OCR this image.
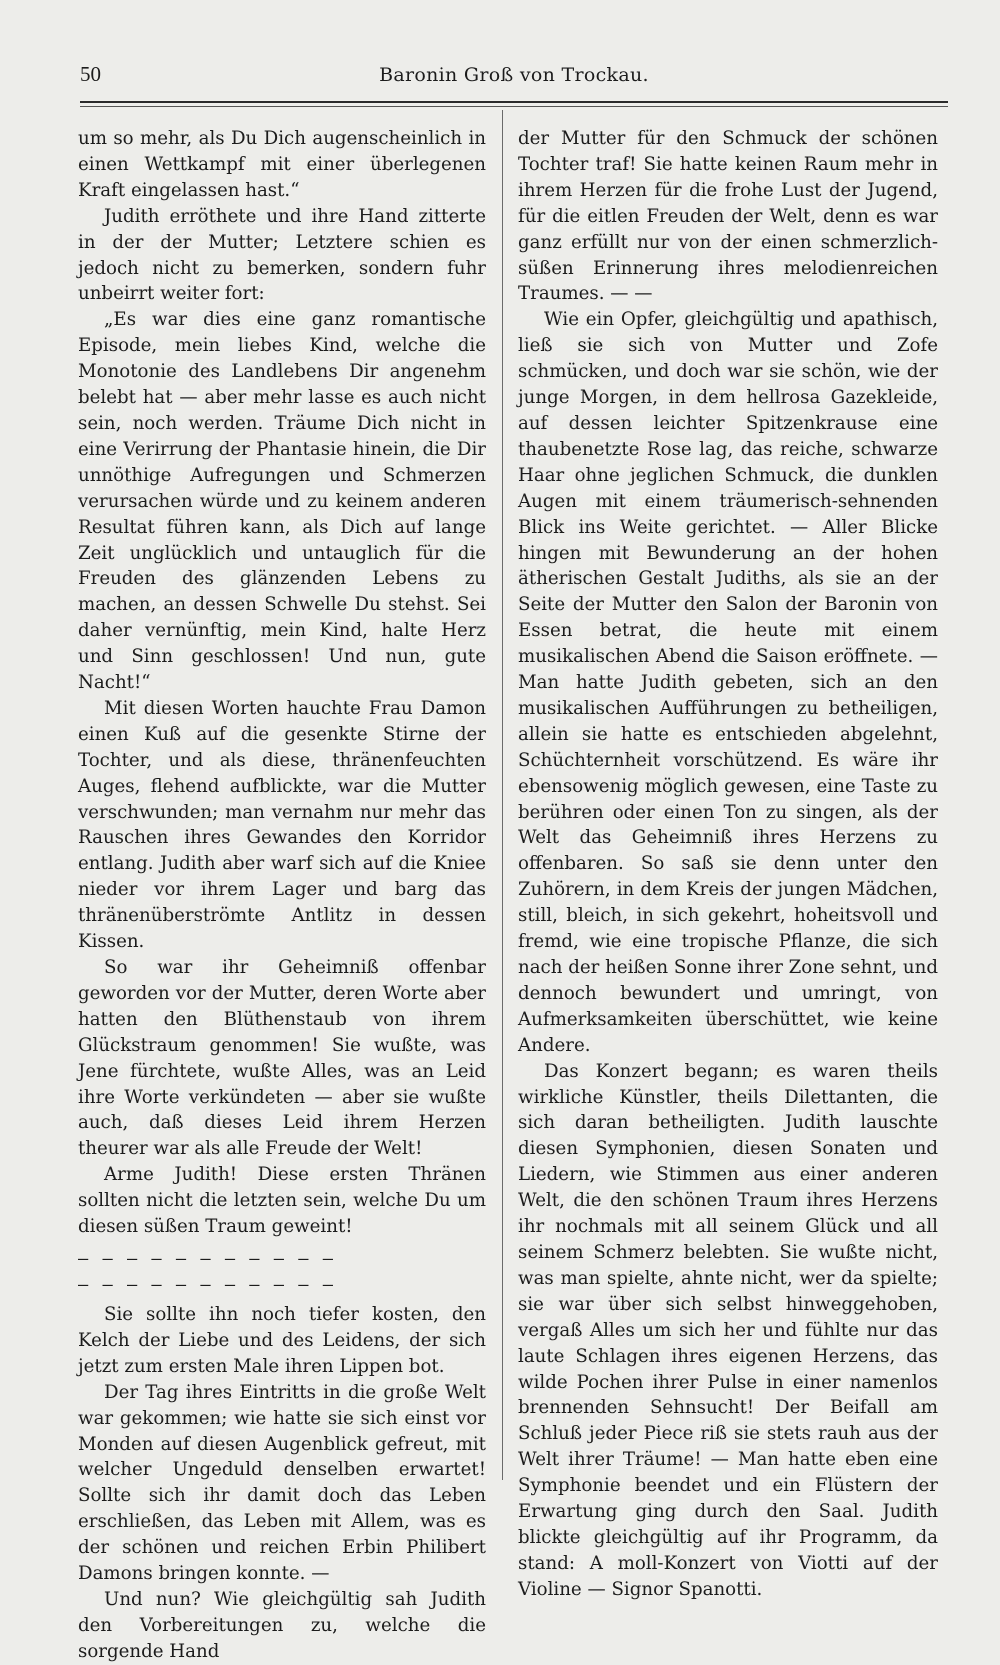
50	Baronin Groß von Trockau.

um so mehr, als Du Dich augenscheinlich in einen Wettkampf mit einer überlegenen Kraft eingelassen hast.“

Judith erröthete und ihre Hand zitterte in der der Mutter; Letztere schien es jedoch nicht zu bemerken, sondern fuhr unbeirrt weiter fort:

„Es war dies eine ganz romantische Episode, mein liebes Kind, welche die Monotonie des Landlebens Dir angenehm belebt hat — aber mehr lasse es auch nicht sein, noch werden. Träume Dich nicht in eine Verirrung der Phantasie hinein, die Dir unnöthige Aufregungen und Schmerzen verursachen würde und zu keinem anderen Resultat führen kann, als Dich auf lange Zeit unglücklich und untauglich für die Freuden des glänzenden Lebens zu machen, an dessen Schwelle Du stehst. Sei daher vernünftig, mein Kind, halte Herz und Sinn geschlossen! Und nun, gute Nacht!“

Mit diesen Worten hauchte Frau Damon einen Kuß auf die gesenkte Stirne der Tochter, und als diese, thränenfeuchten Auges, flehend aufblickte, war die Mutter verschwunden; man vernahm nur mehr das Rauschen ihres Gewandes den Korridor entlang. Judith aber warf sich auf die Kniee nieder vor ihrem Lager und barg das thränenüberströmte Antlitz in dessen Kissen.

So war ihr Geheimniß offenbar geworden vor der Mutter, deren Worte aber hatten den Blüthenstaub von ihrem Glückstraum genommen! Sie wußte, was Jene fürchtete, wußte Alles, was an Leid ihre Worte verkündeten — aber sie wußte auch, daß dieses Leid ihrem Herzen theurer war als alle Freude der Welt!

Arme Judith! Diese ersten Thränen sollten nicht die letzten sein, welche Du um diesen süßen Traum geweint!

— — — — — — — — — — —
— — — — — — — — — — —

Sie sollte ihn noch tiefer kosten, den Kelch der Liebe und des Leidens, der sich jetzt zum ersten Male ihren Lippen bot.

Der Tag ihres Eintritts in die große Welt war gekommen; wie hatte sie sich einst vor Monden auf diesen Augenblick gefreut, mit welcher Ungeduld denselben erwartet! Sollte sich ihr damit doch das Leben erschließen, das Leben mit Allem, was es der schönen und reichen Erbin Philibert Damons bringen konnte. —

Und nun? Wie gleichgültig sah Judith den Vorbereitungen zu, welche die sorgende Hand

der Mutter für den Schmuck der schönen Tochter traf! Sie hatte keinen Raum mehr in ihrem Herzen für die frohe Lust der Jugend, für die eitlen Freuden der Welt, denn es war ganz erfüllt nur von der einen schmerzlich-süßen Erinnerung ihres melodienreichen Traumes. — —

Wie ein Opfer, gleichgültig und apathisch, ließ sie sich von Mutter und Zofe schmücken, und doch war sie schön, wie der junge Morgen, in dem hellrosa Gazekleide, auf dessen leichter Spitzenkrause eine thaubenetzte Rose lag, das reiche, schwarze Haar ohne jeglichen Schmuck, die dunklen Augen mit einem träumerisch-sehnenden Blick ins Weite gerichtet. — Aller Blicke hingen mit Bewunderung an der hohen ätherischen Gestalt Judiths, als sie an der Seite der Mutter den Salon der Baronin von Essen betrat, die heute mit einem musikalischen Abend die Saison eröffnete. — Man hatte Judith gebeten, sich an den musikalischen Aufführungen zu betheiligen, allein sie hatte es entschieden abgelehnt, Schüchternheit vorschützend. Es wäre ihr ebensowenig möglich gewesen, eine Taste zu berühren oder einen Ton zu singen, als der Welt das Geheimniß ihres Herzens zu offenbaren. So saß sie denn unter den Zuhörern, in dem Kreis der jungen Mädchen, still, bleich, in sich gekehrt, hoheitsvoll und fremd, wie eine tropische Pflanze, die sich nach der heißen Sonne ihrer Zone sehnt, und dennoch bewundert und umringt, von Aufmerksamkeiten überschüttet, wie keine Andere.

Das Konzert begann; es waren theils wirkliche Künstler, theils Dilettanten, die sich daran betheiligten. Judith lauschte diesen Symphonien, diesen Sonaten und Liedern, wie Stimmen aus einer anderen Welt, die den schönen Traum ihres Herzens ihr nochmals mit all seinem Glück und all seinem Schmerz belebten. Sie wußte nicht, was man spielte, ahnte nicht, wer da spielte; sie war über sich selbst hinweggehoben, vergaß Alles um sich her und fühlte nur das laute Schlagen ihres eigenen Herzens, das wilde Pochen ihrer Pulse in einer namenlos brennenden Sehnsucht! Der Beifall am Schluß jeder Piece riß sie stets rauh aus der Welt ihrer Träume! — Man hatte eben eine Symphonie beendet und ein Flüstern der Erwartung ging durch den Saal. Judith blickte gleichgültig auf ihr Programm, da stand: A moll-Konzert von Viotti auf der Violine — Signor Spanotti.
